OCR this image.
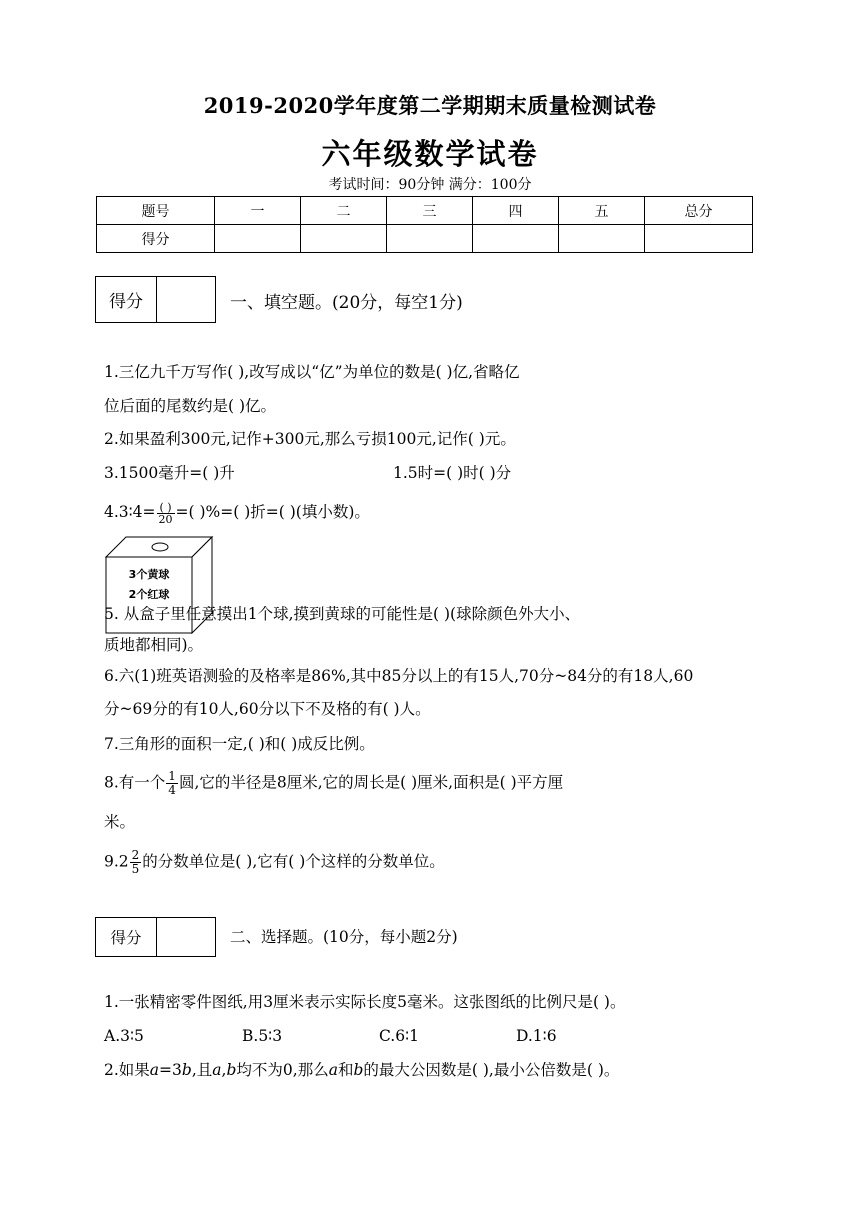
2019-2020学年度第二学期期末质量检测试卷
六年级数学试卷
考试时间：90分钟 满分：100分
题号	一	二	三	四	五	总分
得分						
得分	一、填空题。(20分，每空1分)
1.三亿九千万写作( ),改写成以“亿”为单位的数是( )亿,省略亿
位后面的尾数约是( )亿。
2.如果盈利300元,记作+300元,那么亏损100元,记作( )元。
3.1500毫升=( )升	1.5时=( )时( )分
4.3∶4= $\frac{( )}{20}$ =( )%=( )折=( )(填小数)。
3个黄球
2个红球
5. 从盒子里任意摸出1个球,摸到黄球的可能性是( )(球除颜色外大小、
质地都相同)。
6.六(1)班英语测验的及格率是86%,其中85分以上的有15人,70分~84分的有18人,60
分~69分的有10人,60分以下不及格的有( )人。
7.三角形的面积一定,( )和( )成反比例。
8.有一个 $\frac{1}{4}$ 圆,它的半径是8厘米,它的周长是( )厘米,面积是( )平方厘
米。
$9.2 \frac{2}{5}$ 的分数单位是( ),它有( )个这样的分数单位。
得分	二、选择题。(10分，每小题2分)
1.一张精密零件图纸,用3厘米表示实际长度5毫米。这张图纸的比例尺是( )。
A.3∶5	B.5∶3	C.6∶1	D.1∶6
2.如果a=3b,且a,b均不为0,那么a和b的最大公因数是( ),最小公倍数是( )。
